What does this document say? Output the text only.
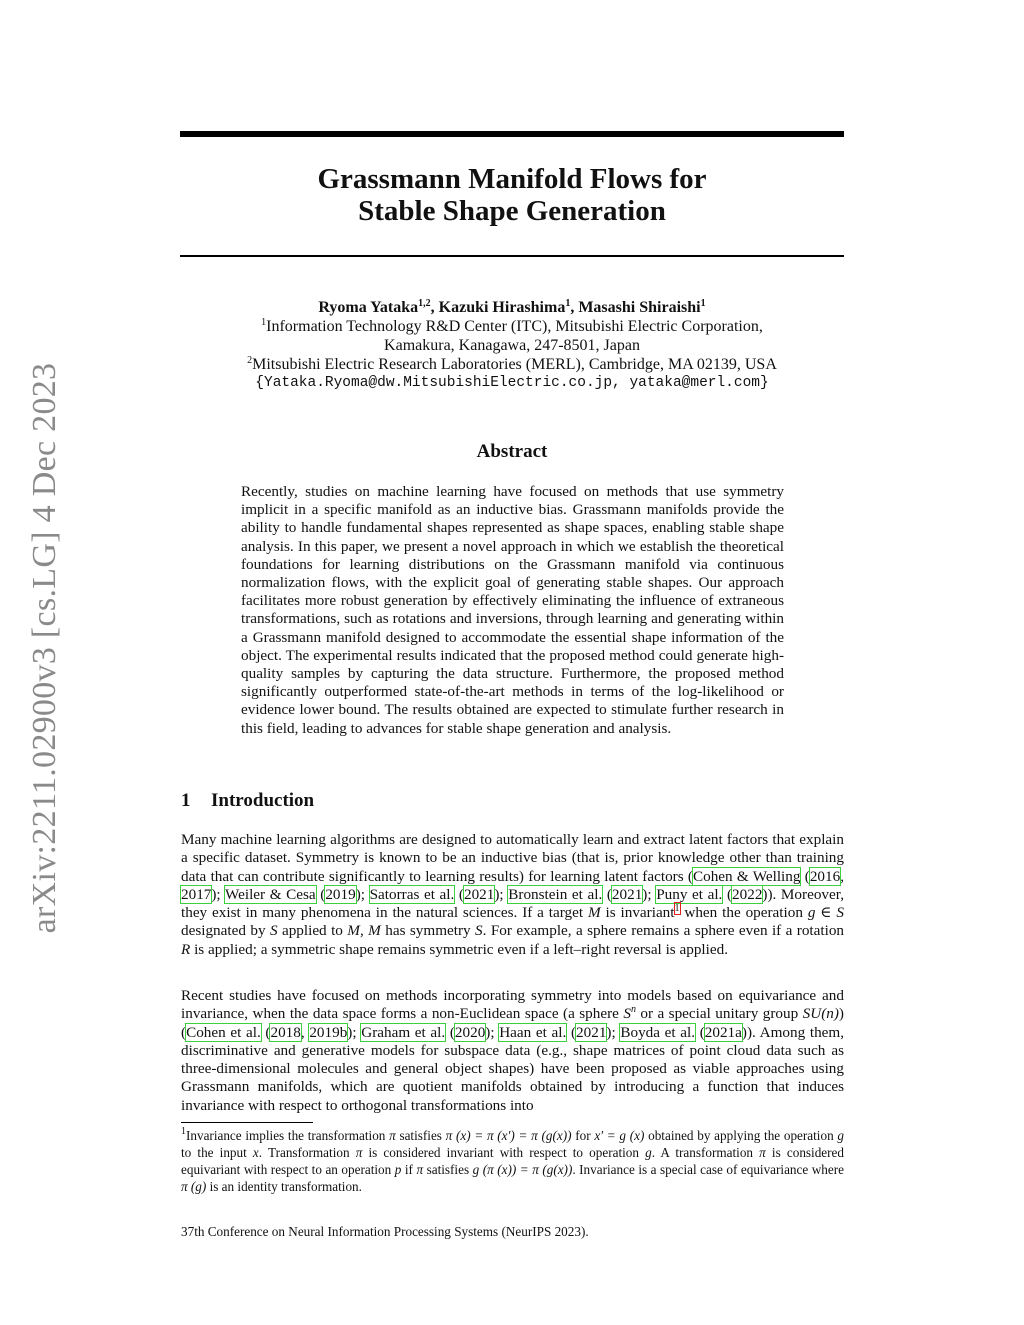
arXiv:2211.02900v3 [cs.LG] 4 Dec 2023
Grassmann Manifold Flows for
Stable Shape Generation
Ryoma Yataka$^{1,2}$, Kazuki Hirashima$^1$, Masashi Shiraishi$^1$
$^1$Information Technology R&D Center (ITC), Mitsubishi Electric Corporation,
Kamakura, Kanagawa, 247-8501, Japan
$^2$Mitsubishi Electric Research Laboratories (MERL), Cambridge, MA 02139, USA
{Yataka.Ryoma@dw.MitsubishiElectric.co.jp, yataka@merl.com}
Abstract
Recently, studies on machine learning have focused on methods that use symmetry implicit in a specific manifold as an inductive bias. Grassmann manifolds provide the ability to handle fundamental shapes represented as shape spaces, enabling stable shape analysis. In this paper, we present a novel approach in which we establish the theoretical foundations for learning distributions on the Grassmann manifold via continuous normalization flows, with the explicit goal of generating stable shapes. Our approach facilitates more robust generation by effectively eliminating the influence of extraneous transformations, such as rotations and inversions, through learning and generating within a Grassmann manifold designed to accommodate the essential shape information of the object. The experimental results indicated that the proposed method could generate high-quality samples by capturing the data structure. Furthermore, the proposed method significantly outperformed state-of-the-art methods in terms of the log-likelihood or evidence lower bound. The results obtained are expected to stimulate further research in this field, leading to advances for stable shape generation and analysis.
1 Introduction
Many machine learning algorithms are designed to automatically learn and extract latent factors that explain a specific dataset. Symmetry is known to be an inductive bias (that is, prior knowledge other than training data that can contribute significantly to learning results) for learning latent factors (Cohen & Welling (2016, 2017); Weiler & Cesa (2019); Satorras et al. (2021); Bronstein et al. (2021); Puny et al. (2022)). Moreover, they exist in many phenomena in the natural sciences. If a target M is invariant$^1$ when the operation g ∈ S designated by S applied to M, M has symmetry S. For example, a sphere remains a sphere even if a rotation R is applied; a symmetric shape remains symmetric even if a left–right reversal is applied.
Recent studies have focused on methods incorporating symmetry into models based on equivariance and invariance, when the data space forms a non-Euclidean space (a sphere $S^n$ or a special unitary group SU(n)) (Cohen et al. (2018, 2019b); Graham et al. (2020); Haan et al. (2021); Boyda et al. (2021a)). Among them, discriminative and generative models for subspace data (e.g., shape matrices of point cloud data such as three-dimensional molecules and general object shapes) have been proposed as viable approaches using Grassmann manifolds, which are quotient manifolds obtained by introducing a function that induces invariance with respect to orthogonal transformations into
$^1$Invariance implies the transformation π satisfies π (x) = π (x′) = π (g(x)) for x′ = g (x) obtained by applying the operation g to the input x. Transformation π is considered invariant with respect to operation g. A transformation π is considered equivariant with respect to an operation p if π satisfies g (π (x)) = π (g(x)). Invariance is a special case of equivariance where π (g) is an identity transformation.
37th Conference on Neural Information Processing Systems (NeurIPS 2023).
